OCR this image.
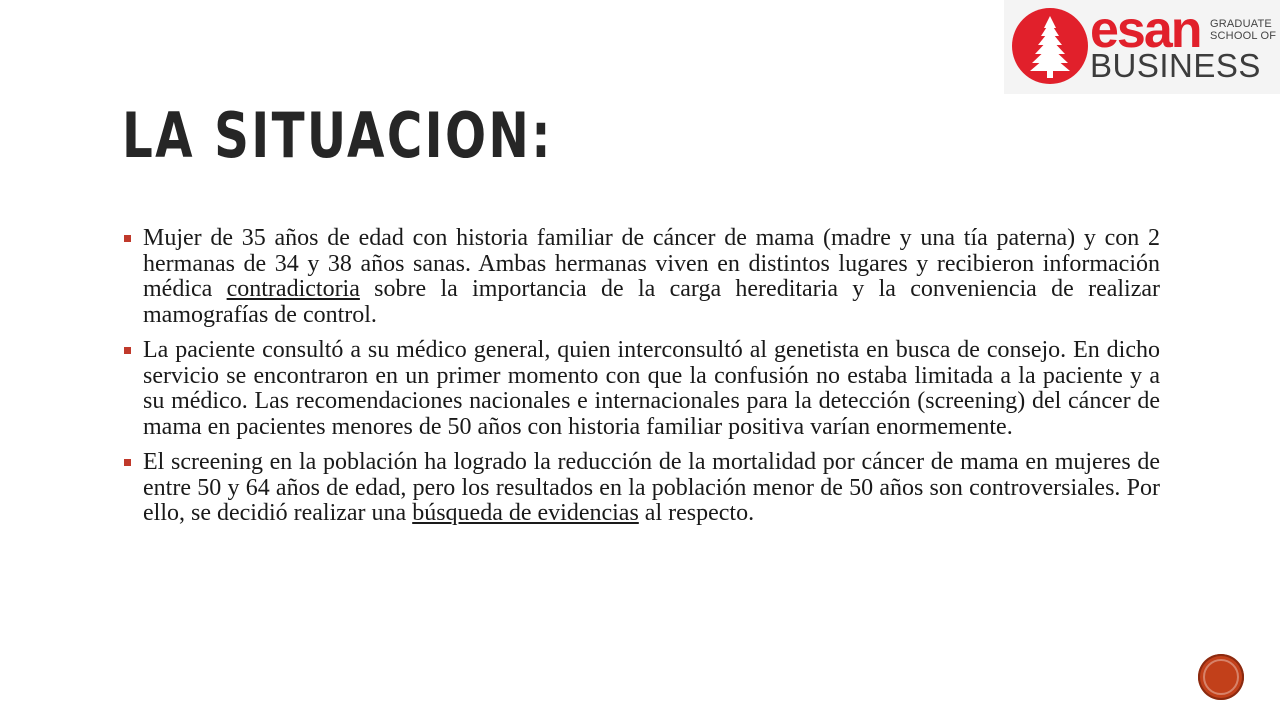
esan GRADUATE SCHOOL OF
BUSINESS
LA SITUACION:
Mujer de 35 años de edad con historia familiar de cáncer de mama (madre y una tía paterna) y con 2 hermanas de 34 y 38 años sanas. Ambas hermanas viven en distintos lugares y recibieron información médica contradictoria sobre la importancia de la carga hereditaria y la conveniencia de realizar mamografías de control.
La paciente consultó a su médico general, quien interconsultó al genetista en busca de consejo. En dicho servicio se encontraron en un primer momento con que la confusión no estaba limitada a la paciente y a su médico. Las recomendaciones nacionales e internacionales para la detección (screening) del cáncer de mama en pacientes menores de 50 años con historia familiar positiva varían enormemente.
El screening en la población ha logrado la reducción de la mortalidad por cáncer de mama en mujeres de entre 50 y 64 años de edad, pero los resultados en la población menor de 50 años son controversiales. Por ello, se decidió realizar una búsqueda de evidencias al respecto.
